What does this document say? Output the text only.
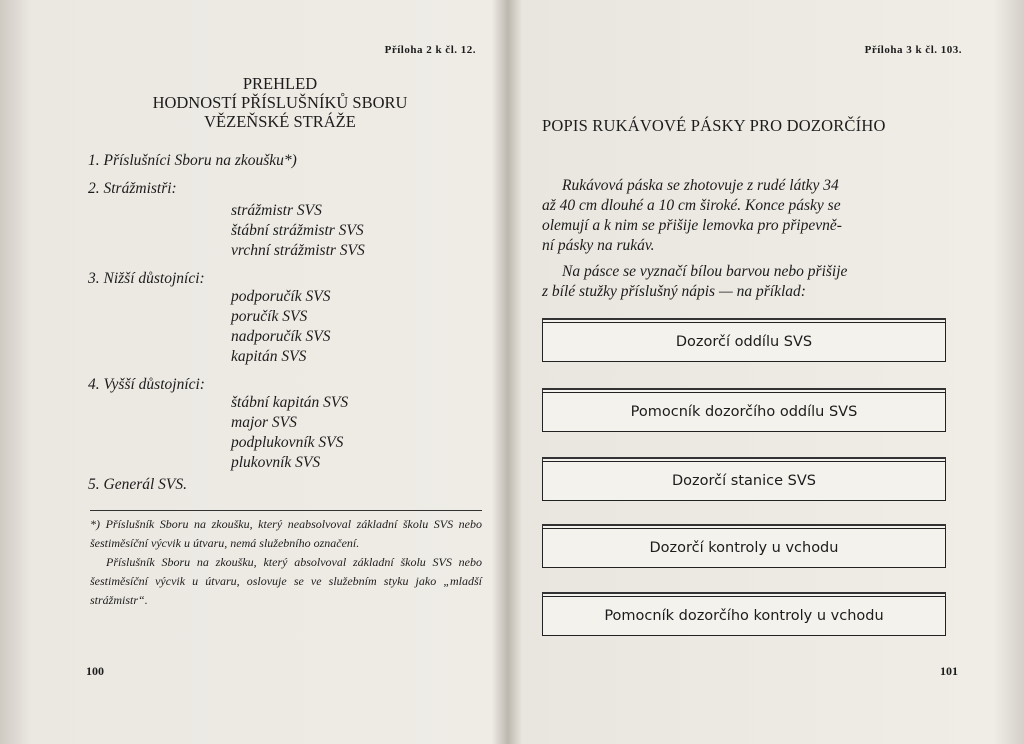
Příloha 2 k čl. 12.
PREHLED
HODNOSTÍ PŘÍSLUŠNÍKŮ SBORU
VĚZEŇSKÉ STRÁŽE
1. Příslušníci Sboru na zkoušku*)
2. Strážmistři:
strážmistr SVS
štábní strážmistr SVS
vrchní strážmistr SVS
3. Nižší důstojníci:
podporučík SVS
poručík SVS
nadporučík SVS
kapitán SVS
4. Vyšší důstojníci:
štábní kapitán SVS
major SVS
podplukovník SVS
plukovník SVS
5. Generál SVS.

*) Příslušník Sboru na zkoušku, který neabsolvoval základní školu SVS nebo šestiměsíční výcvik u útvaru, nemá služebního označení.

Příslušník Sboru na zkoušku, který absolvoval základní školu SVS nebo šestiměsíční výcvik u útvaru, oslovuje se ve služebním styku jako „mladší strážmistr“.

100
Příloha 3 k čl. 103.
POPIS RUKÁVOVÉ PÁSKY PRO DOZORČÍHO
Rukávová páska se zhotovuje z rudé látky 34
až 40 cm dlouhé a 10 cm široké. Konce pásky se
olemují a k nim se přišije lemovka pro připevně-
ní pásky na rukáv.
Na pásce se vyznačí bílou barvou nebo přišije
z bílé stužky příslušný nápis — na příklad:
Dozorčí oddílu SVS
Pomocník dozorčího oddílu SVS
Dozorčí stanice SVS
Dozorčí kontroly u vchodu
Pomocník dozorčího kontroly u vchodu
101
